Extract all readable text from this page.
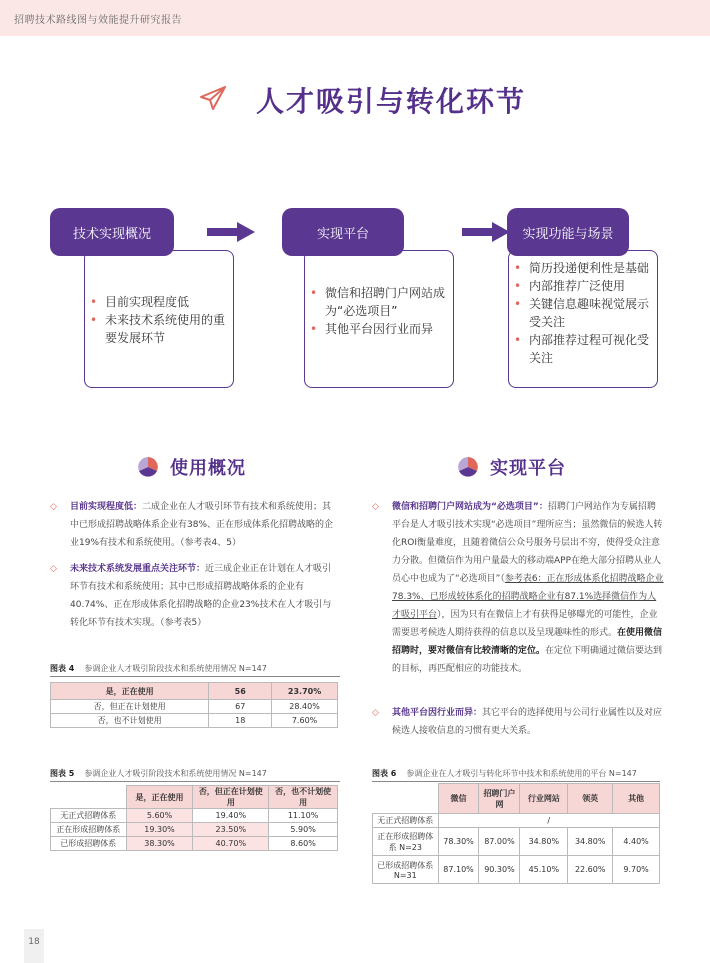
招聘技术路线图与效能提升研究报告
人才吸引与转化环节
• 目前实现程度低
• 未来技术系统使用的重要发展环节
技术实现概况
• 微信和招聘门户网站成为“必选项目”
• 其他平台因行业而异
实现平台
• 简历投递便利性是基础
• 内部推荐广泛使用
• 关键信息趣味视觉展示受关注
• 内部推荐过程可视化受关注
实现功能与场景
使用概况	实现平台
◇ 目前实现程度低：二成企业在人才吸引环节有技术和系统使用；其中已形成招聘战略体系企业有38%、正在形成体系化招聘战略的企业19%有技术和系统使用。（参考表4、5）
◇ 未来技术系统发展重点关注环节：近三成企业正在计划在人才吸引环节有技术和系统使用；其中已形成招聘战略体系的企业有40.74%、正在形成体系化招聘战略的企业23%技术在人才吸引与转化环节有技术实现。（参考表5）
◇ 微信和招聘门户网站成为“必选项目”：招聘门户网站作为专属招聘平台是人才吸引技术实现“必选项目”理所应当；虽然微信的候选人转化ROI衡量难度，且随着微信公众号服务号层出不穷，使得受众注意力分散。但微信作为用户量最大的移动端APP在绝大部分招聘从业人员心中也成为了“必选项目”（参考表6：正在形成体系化招聘战略企业78.3%、已形成较体系化的招聘战略企业有87.1%选择微信作为人才吸引平台），因为只有在微信上才有获得足够曝光的可能性，企业需要思考候选人期待获得的信息以及呈现趣味性的形式。在使用微信招聘时，要对微信有比较清晰的定位。在定位下明确通过微信要达到的目标，再匹配相应的功能技术。
◇ 其他平台因行业而异：其它平台的选择使用与公司行业属性以及对应候选人接收信息的习惯有更大关系。
图表 4 参调企业人才吸引阶段技术和系统使用情况 N=147
是，正在使用	56	23.70%
否，但正在计划使用	67	28.40%
否，也不计划使用	18	7.60%
图表 5 参调企业人才吸引阶段技术和系统使用情况 N=147
	是，正在使用	否，但正在计划使用	否，也不计划使用
无正式招聘体系	5.60%	19.40%	11.10%
正在形成招聘体系	19.30%	23.50%	5.90%
已形成招聘体系	38.30%	40.70%	8.60%
图表 6 参调企业在人才吸引与转化环节中技术和系统使用的平台 N=147
	微信	招聘门户网	行业网站	领英	其他
无正式招聘体系	/				
正在形成招聘体系 N=23	78.30%	87.00%	34.80%	34.80%	4.40%
已形成招聘体系 N=31	87.10%	90.30%	45.10%	22.60%	9.70%
18
